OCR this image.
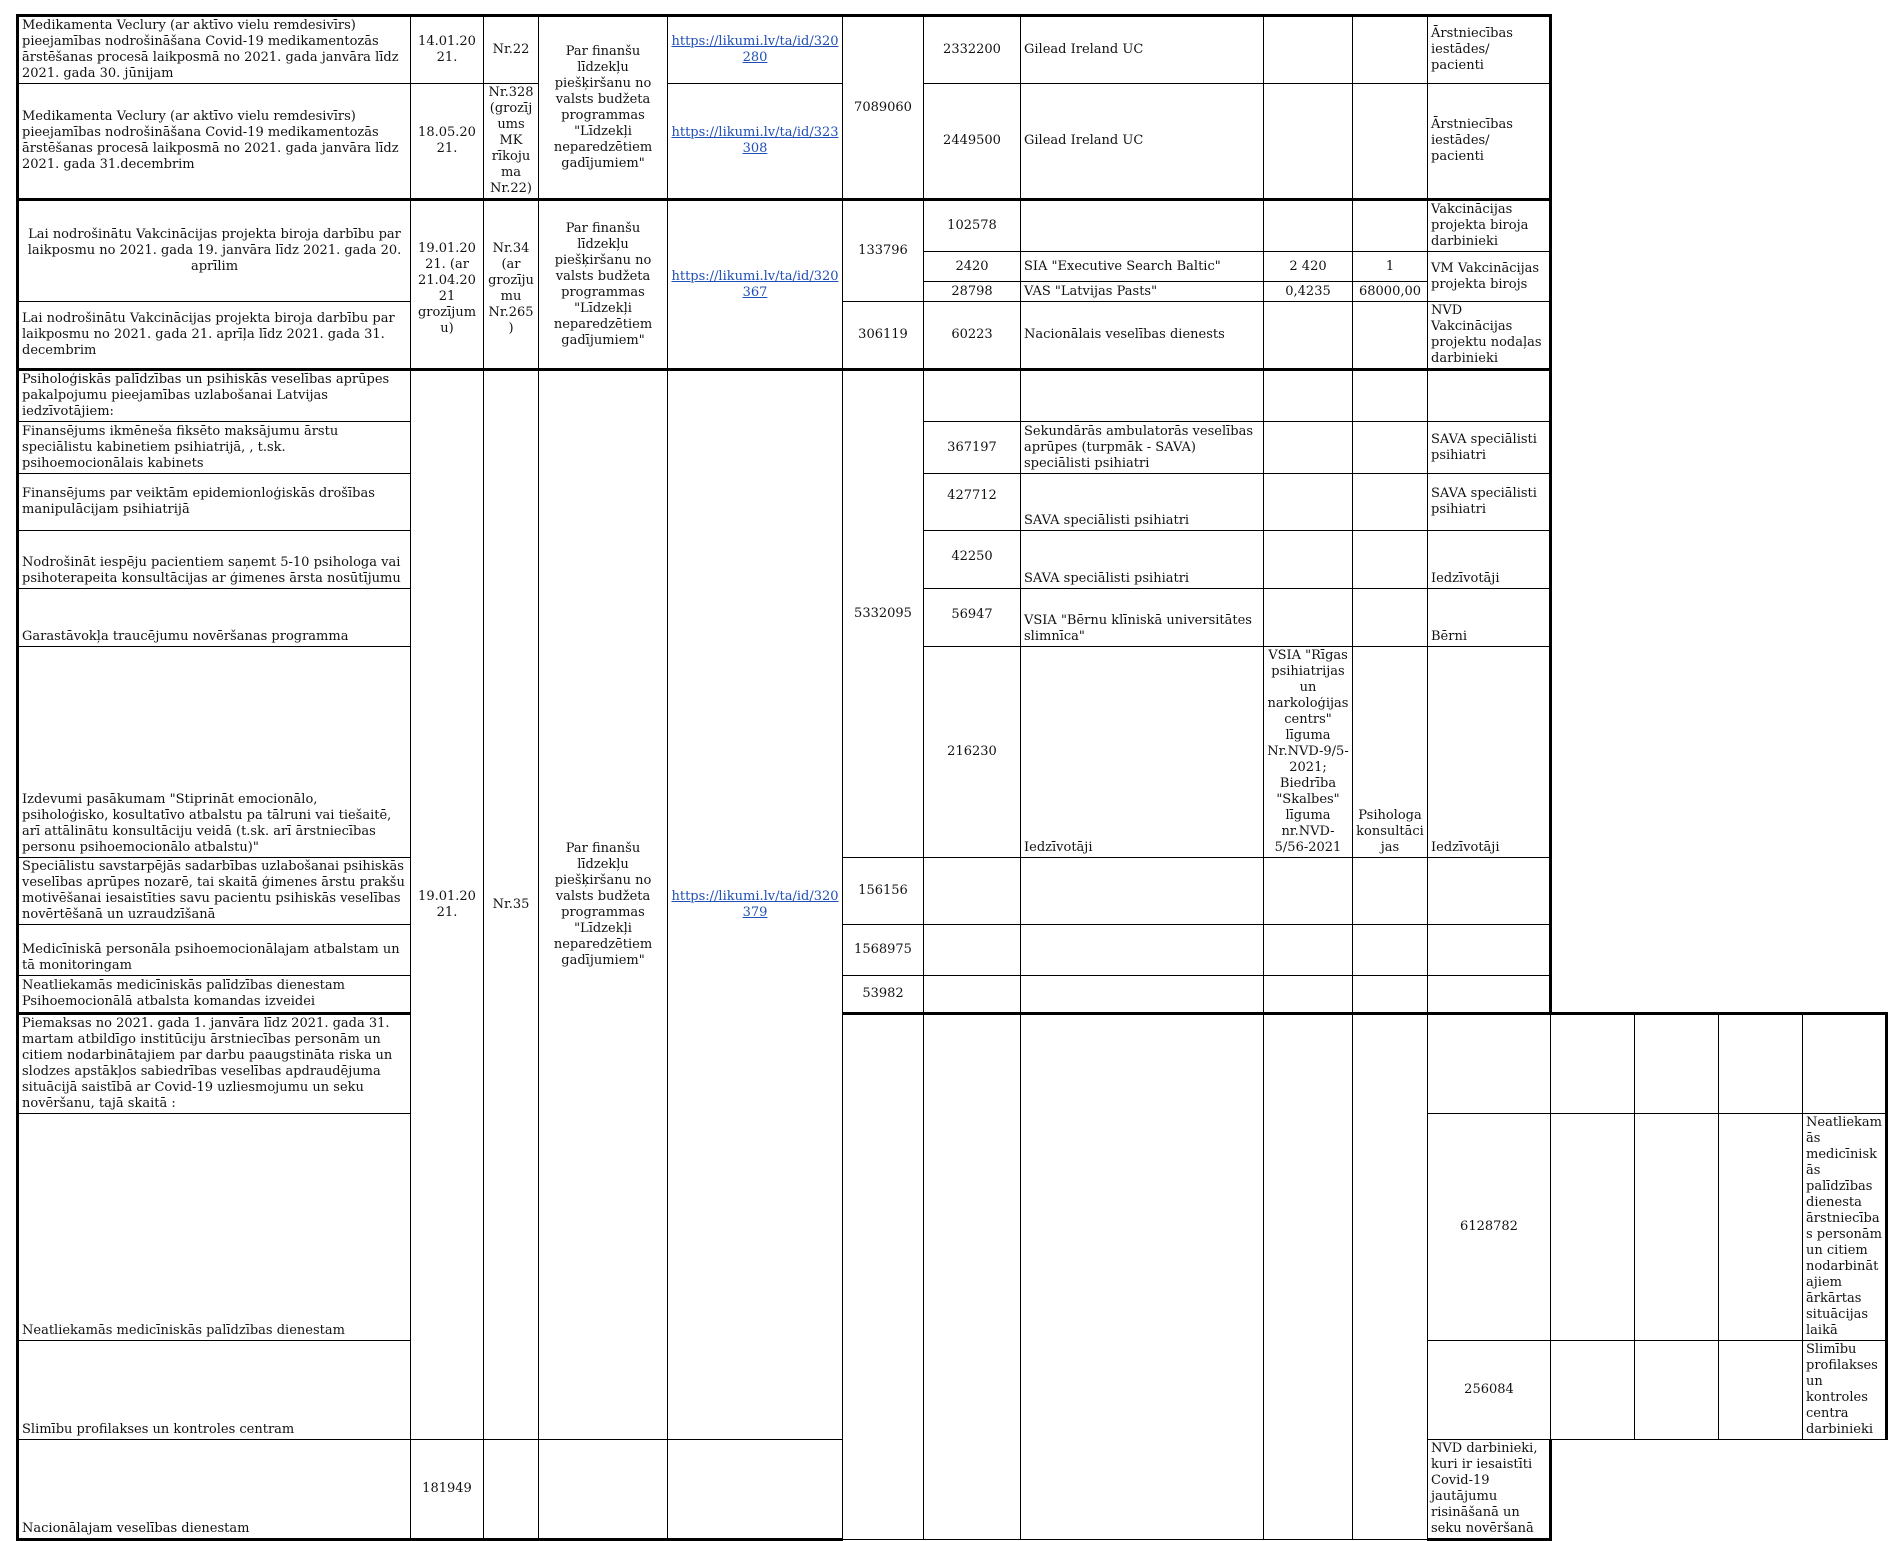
Medikamenta Veclury (ar aktīvo vielu remdesivīrs) pieejamības nodrošināšana Covid-19 medikamentozās ārstēšanas procesā laikposmā no 2021. gada janvāra līdz 2021. gada 30. jūnijam	14.01.2021.	Nr.22	Par finanšu līdzekļu piešķiršanu no valsts budžeta programmas "Līdzekļi neparedzētiem gadījumiem"	https://likumi.lv/ta/id/320280	7089060	2332200	Gilead Ireland UC			Ārstniecības iestādes/ pacienti				
Medikamenta Veclury (ar aktīvo vielu remdesivīrs) pieejamības nodrošināšana Covid-19 medikamentozās ārstēšanas procesā laikposmā no 2021. gada janvāra līdz 2021. gada 31.decembrim	18.05.2021.	Nr.328 (grozījums MK rīkojuma Nr.22)		https://likumi.lv/ta/id/323308		2449500	Gilead Ireland UC			Ārstniecības iestādes/ pacienti				
Lai nodrošinātu Vakcinācijas projekta biroja darbību par laikposmu no 2021. gada 19. janvāra līdz 2021. gada 20. aprīlim	19.01.2021. (ar 21.04.2021 grozījumu)	Nr.34 (ar grozījumu Nr.265)	Par finanšu līdzekļu piešķiršanu no valsts budžeta programmas "Līdzekļi neparedzētiem gadījumiem"	https://likumi.lv/ta/id/320367	133796	102578				Vakcinācijas projekta biroja darbinieki				
						2420	SIA "Executive Search Baltic"	2 420	1	VM Vakcinācijas projekta birojs				
						28798	VAS "Latvijas Pasts"	0,4235	68000,00					
Lai nodrošinātu Vakcinācijas projekta biroja darbību par laikposmu no 2021. gada 21. aprīļa līdz 2021. gada 31. decembrim					306119	60223	Nacionālais veselības dienests			NVD Vakcinācijas projektu nodaļas darbinieki				
Psiholoģiskās palīdzības un psihiskās veselības aprūpes pakalpojumu pieejamības uzlabošanai Latvijas iedzīvotājiem:	19.01.2021.	Nr.35	Par finanšu līdzekļu piešķiršanu no valsts budžeta programmas "Līdzekļi neparedzētiem gadījumiem"	https://likumi.lv/ta/id/320379	5332095									
Finansējums ikmēneša fiksēto maksājumu ārstu speciālistu kabinetiem psihiatrijā, , t.sk. psihoemocionālais kabinets						367197	Sekundārās ambulatorās veselības aprūpes (turpmāk - SAVA) speciālisti psihiatri			SAVA speciālisti psihiatri				
Finansējums par veiktām epidemionloģiskās drošības manipulācijam psihiatrijā						427712	SAVA speciālisti psihiatri			SAVA speciālisti psihiatri				
Nodrošināt iespēju pacientiem saņemt 5-10 psihologa vai psihoterapeita konsultācijas ar ģimenes ārsta nosūtījumu						42250	SAVA speciālisti psihiatri			Iedzīvotāji				
Garastāvokļa traucējumu novēršanas programma						56947	VSIA "Bērnu klīniskā universitātes slimnīca"			Bērni				
Izdevumi pasākumam "Stiprināt emocionālo, psiholoģisko, kosultatīvo atbalstu pa tālruni vai tiešaitē, arī attālinātu konsultāciju veidā (t.sk. arī ārstniecības personu psihoemocionālo atbalstu)"						216230	Iedzīvotāji	VSIA "Rīgas psihiatrijas un narkoloģijas centrs" līguma Nr.NVD-9/5-2021; Biedrība "Skalbes" līguma nr.NVD-5/56-2021	Psihologa konsultācijas	Iedzīvotāji				
Speciālistu savstarpējās sadarbības uzlabošanai psihiskās veselības aprūpes nozarē, tai skaitā ģimenes ārstu prakšu motivēšanai iesaistīties savu pacientu psihiskās veselības novērtēšanā un uzraudzīšanā					156156									
Medicīniskā personāla psihoemocionālajam atbalstam un tā monitoringam					1568975									
Neatliekamās medicīniskās palīdzības dienestam Psihoemocionālā atbalsta komandas izveidei					53982									
Piemaksas no 2021. gada 1. janvāra līdz 2021. gada 31. martam atbildīgo institūciju ārstniecības personām un citiem nodarbinātajiem par darbu paaugstināta riska un slodzes apstākļos sabiedrības veselības apdraudējuma situācijā saistībā ar Covid-19 uzliesmojumu un seku novēršanu, tajā skaitā :														
Neatliekamās medicīniskās palīdzības dienestam										6128782				Neatliekamās medicīniskās palīdzības dienesta ārstniecības personām un citiem nodarbinātajiem ārkārtas situācijas laikā
Slimību profilakses un kontroles centram										256084				Slimību profilakses un kontroles centra darbinieki
Nacionālajam veselības dienestam	181949									NVD darbinieki, kuri ir iesaistīti Covid-19 jautājumu risināšanā un seku novēršanā				
